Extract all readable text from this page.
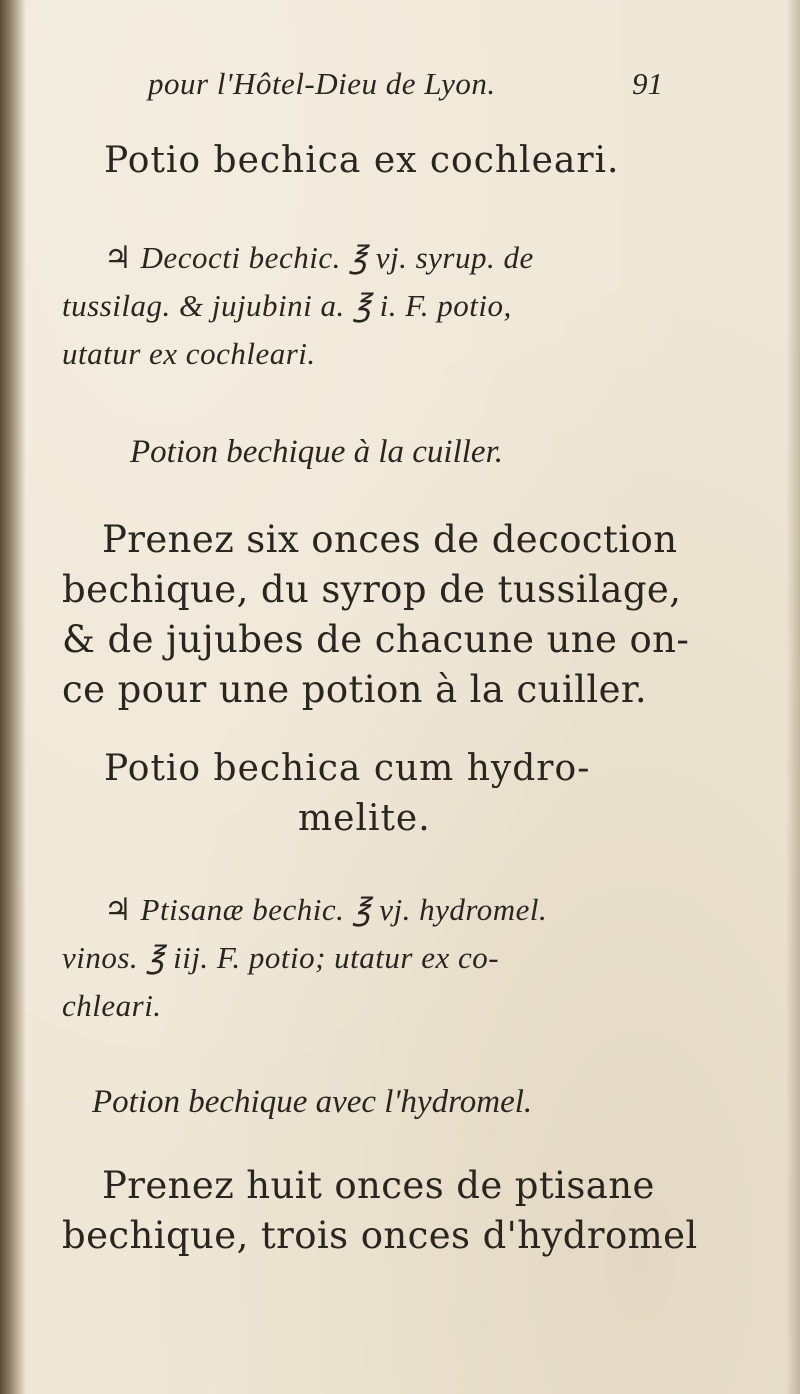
pour l'Hôtel-Dieu de Lyon.	91
Potio bechica ex cochleari.
♃ Decocti bechic. ℥ vj. syrup. de
tussilag. & jujubini a. ℥ i. F. potio,
utatur ex cochleari.
Potion bechique à la cuiller.
Prenez six onces de decoction
bechique, du syrop de tussilage,
& de jujubes de chacune une on-
ce pour une potion à la cuiller.
Potio bechica cum hydro-
melite.
♃ Ptisanæ bechic. ℥ vj. hydromel.
vinos. ℥ iij. F. potio; utatur ex co-
chleari.
Potion bechique avec l'hydromel.
Prenez huit onces de ptisane
bechique, trois onces d'hydromel
